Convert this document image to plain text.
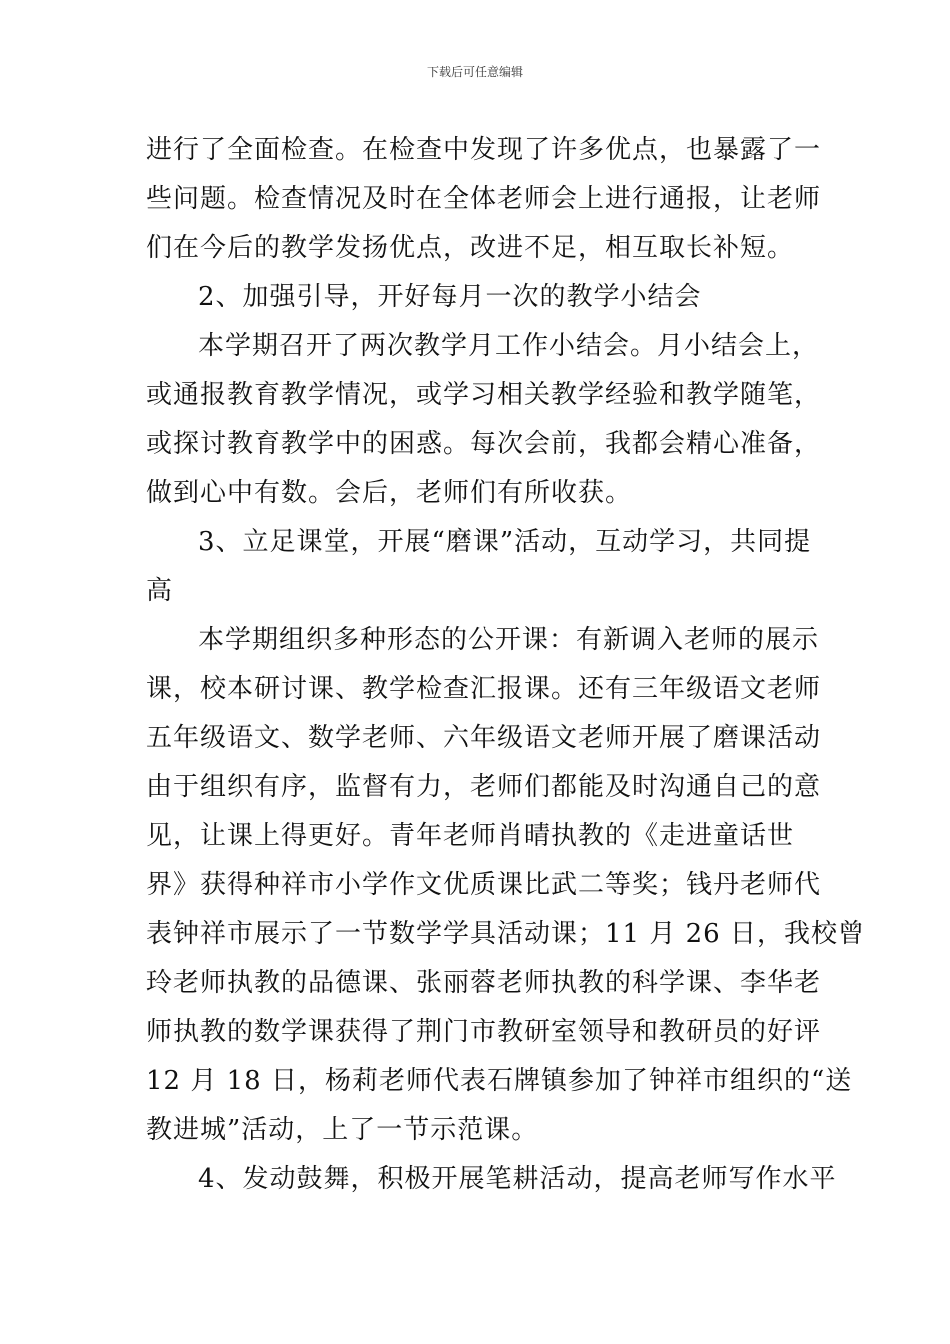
下载后可任意编辑
进行了全面检查。在检查中发现了许多优点，也暴露了一
些问题。检查情况及时在全体老师会上进行通报，让老师
们在今后的教学发扬优点，改进不足，相互取长补短。
2、加强引导，开好每月一次的教学小结会
本学期召开了两次教学月工作小结会。月小结会上，
或通报教育教学情况，或学习相关教学经验和教学随笔，
或探讨教育教学中的困惑。每次会前，我都会精心准备，
做到心中有数。会后，老师们有所收获。
3、立足课堂，开展“磨课”活动，互动学习，共同提
高
本学期组织多种形态的公开课：有新调入老师的展示
课，校本研讨课、教学检查汇报课。还有三年级语文老师
五年级语文、数学老师、六年级语文老师开展了磨课活动
由于组织有序，监督有力，老师们都能及时沟通自己的意
见，让课上得更好。青年老师肖晴执教的《走进童话世
界》获得种祥市小学作文优质课比武二等奖；钱丹老师代
表钟祥市展示了一节数学学具活动课；11 月 26 日，我校曾
玲老师执教的品德课、张丽蓉老师执教的科学课、李华老
师执教的数学课获得了荆门市教研室领导和教研员的好评
12 月 18 日，杨莉老师代表石牌镇参加了钟祥市组织的“送
教进城”活动，上了一节示范课。
4、发动鼓舞，积极开展笔耕活动，提高老师写作水平
